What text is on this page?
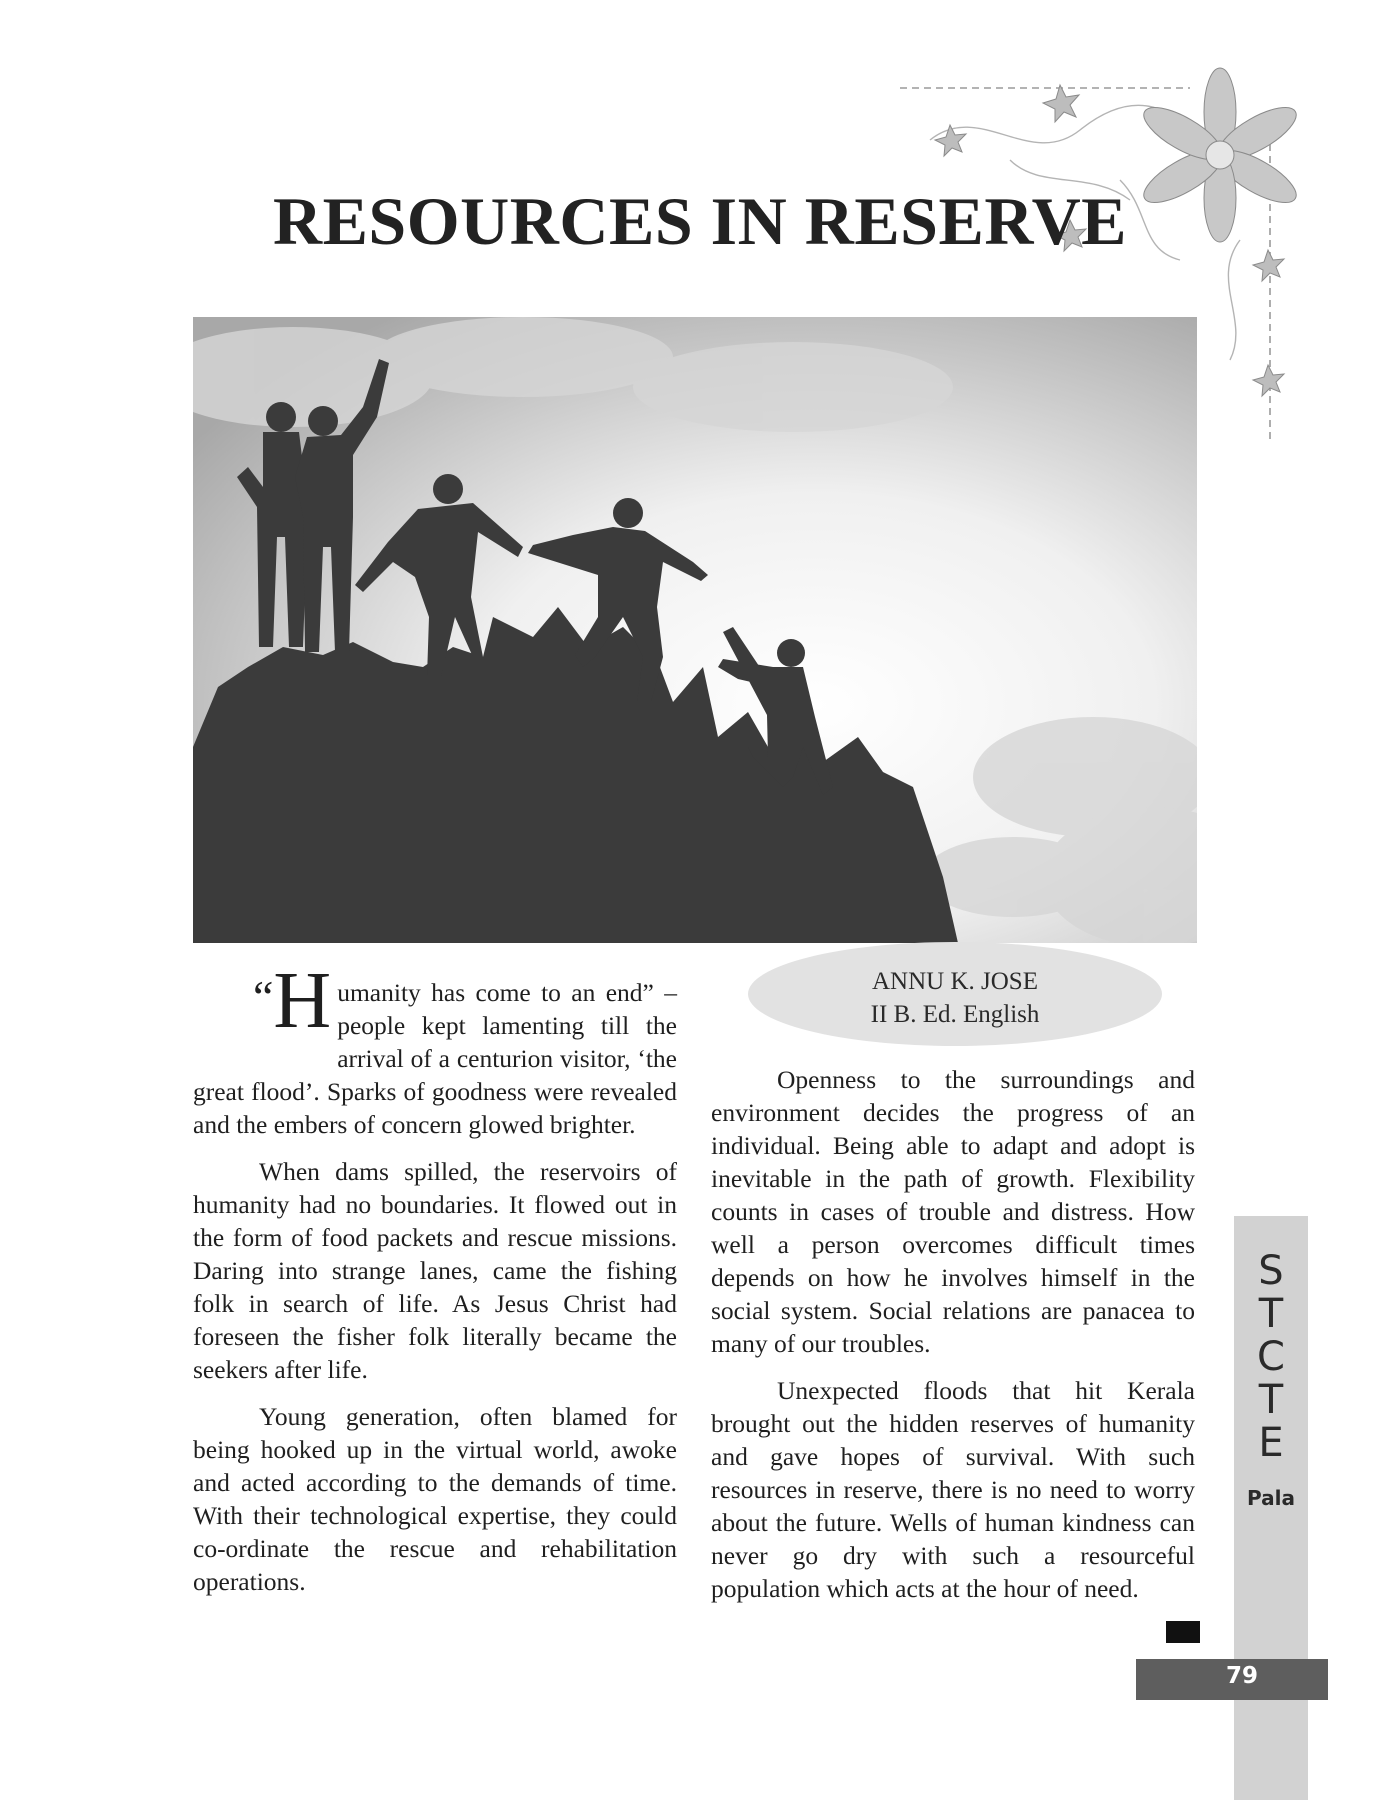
RESOURCES IN RESERVE
ANNU K. JOSE
II B. Ed. English

“H umanity has come to an end” –people kept lamenting till the arrival of a centurion visitor, ‘the great flood’. Sparks of goodness were revealed and the embers of concern glowed brighter.

When dams spilled, the reservoirs of humanity had no boundaries. It flowed out in the form of food packets and rescue missions. Daring into strange lanes, came the fishing folk in search of life. As Jesus Christ had foreseen the fisher folk literally became the seekers after life.

Young generation, often blamed for being hooked up in the virtual world, awoke and acted according to the demands of time. With their technological expertise, they could co-ordinate the rescue and rehabilitation operations.

Openness to the surroundings and environment decides the progress of an individual. Being able to adapt and adopt is inevitable in the path of growth. Flexibility counts in cases of trouble and distress. How well a person overcomes difficult times depends on how he involves himself in the social system. Social relations are panacea to many of our troubles.

Unexpected floods that hit Kerala brought out the hidden reserves of humanity and gave hopes of survival. With such resources in reserve, there is no need to worry about the future. Wells of human kindness can never go dry with such a resourceful population which acts at the hour of need.

S
T
C
T
E
Pala
79
